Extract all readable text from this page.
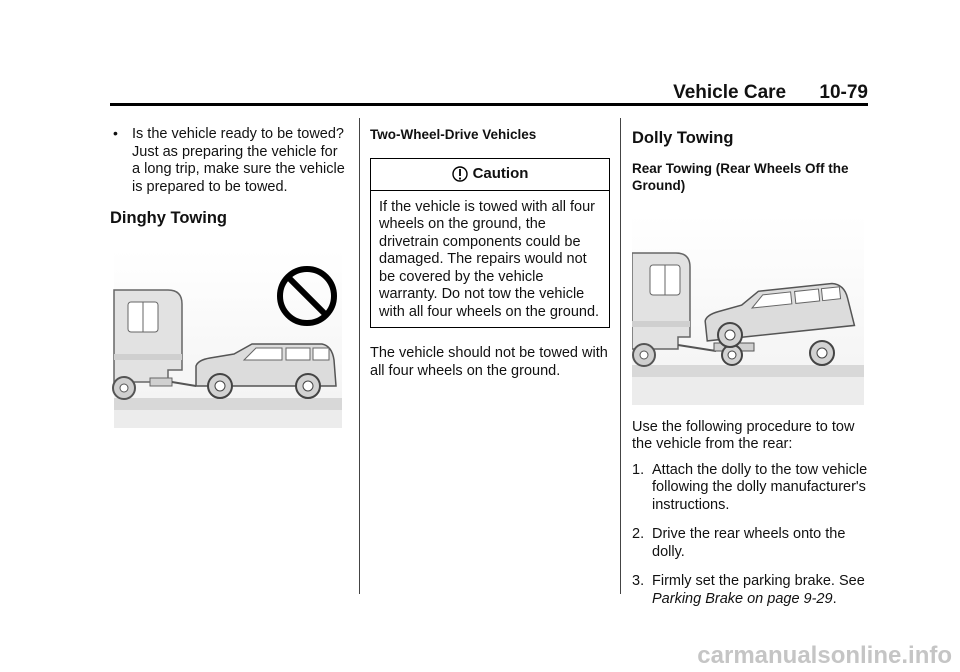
Vehicle Care 10-79
• Is the vehicle ready to be towed? Just as preparing the vehicle for a long trip, make sure the vehicle is prepared to be towed.
Dinghy Towing
Two-Wheel-Drive Vehicles
Caution
If the vehicle is towed with all four wheels on the ground, the drivetrain components could be damaged. The repairs would not be covered by the vehicle warranty. Do not tow the vehicle with all four wheels on the ground.
The vehicle should not be towed with all four wheels on the ground.
Dolly Towing
Rear Towing (Rear Wheels Off the Ground)
Use the following procedure to tow the vehicle from the rear:
1. Attach the dolly to the tow vehicle following the dolly manufacturer's instructions.
2. Drive the rear wheels onto the dolly.
3. Firmly set the parking brake. See Parking Brake on page 9-29.
carmanualsonline.info
